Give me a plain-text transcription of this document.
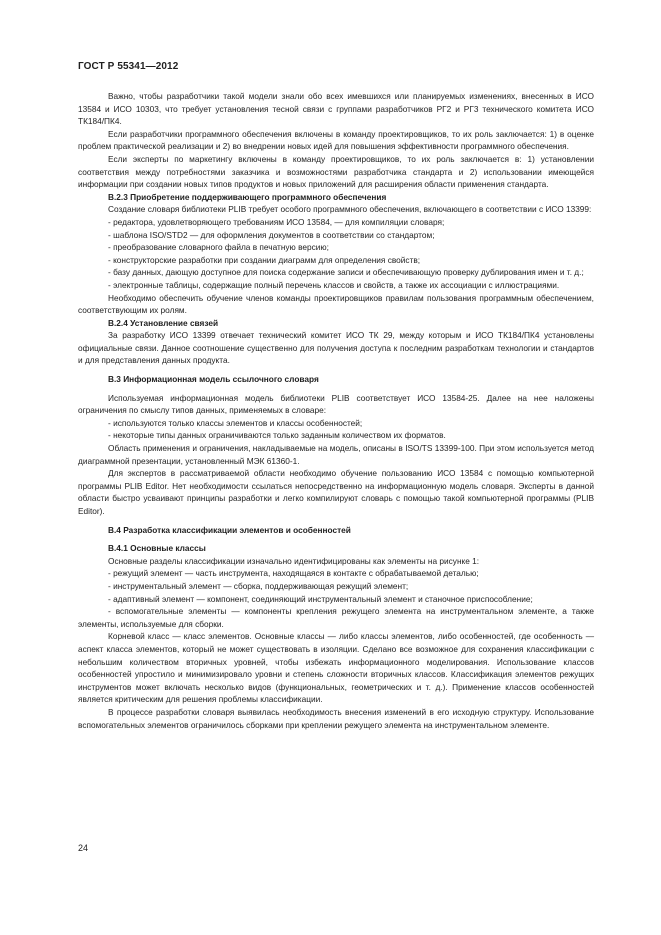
ГОСТ Р 55341—2012

Важно, чтобы разработчики такой модели знали обо всех имевшихся или планируемых изменениях, внесенных в ИСО 13584 и ИСО 10303, что требует установления тесной связи с группами разработчиков РГ2 и РГ3 технического комитета ИСО ТК184/ПК4.

Если разработчики программного обеспечения включены в команду проектировщиков, то их роль заключается: 1) в оценке проблем практической реализации и 2) во внедрении новых идей для повышения эффективности программного обеспечения.

Если эксперты по маркетингу включены в команду проектировщиков, то их роль заключается в: 1) установлении соответствия между потребностями заказчика и возможностями разработчика стандарта и 2) использовании имеющейся информации при создании новых типов продуктов и новых приложений для расширения области применения стандарта.

В.2.3 Приобретение поддерживающего программного обеспечения

Создание словаря библиотеки PLIB требует особого программного обеспечения, включающего в соответствии с ИСО 13399:

- редактора, удовлетворяющего требованиям ИСО 13584, — для компиляции словаря;

- шаблона ISO/STD2 — для оформления документов в соответствии со стандартом;

- преобразование словарного файла в печатную версию;

- конструкторские разработки при создании диаграмм для определения свойств;

- базу данных, дающую доступное для поиска содержание записи и обеспечивающую проверку дублирования имен и т. д.;

- электронные таблицы, содержащие полный перечень классов и свойств, а также их ассоциации с иллюстрациями.

Необходимо обеспечить обучение членов команды проектировщиков правилам пользования программным обеспечением, соответствующим их ролям.

В.2.4 Установление связей

За разработку ИСО 13399 отвечает технический комитет ИСО ТК 29, между которым и ИСО ТК184/ПК4 установлены официальные связи. Данное соотношение существенно для получения доступа к последним разработкам технологии и стандартов и для представления данных продукта.

В.3 Информационная модель ссылочного словаря

Используемая информационная модель библиотеки PLIB соответствует ИСО 13584-25. Далее на нее наложены ограничения по смыслу типов данных, применяемых в словаре:

- используются только классы элементов и классы особенностей;

- некоторые типы данных ограничиваются только заданным количеством их форматов.

Область применения и ограничения, накладываемые на модель, описаны в ISO/TS 13399-100. При этом используется метод диаграммной презентации, установленный МЭК 61360-1.

Для экспертов в рассматриваемой области необходимо обучение пользованию ИСО 13584 с помощью компьютерной программы PLIB Editor. Нет необходимости ссылаться непосредственно на информационную модель словаря. Эксперты в данной области быстро усваивают принципы разработки и легко компилируют словарь с помощью такой компьютерной программы (PLIB Editor).

В.4 Разработка классификации элементов и особенностей
В.4.1 Основные классы

Основные разделы классификации изначально идентифицированы как элементы на рисунке 1:

- режущий элемент — часть инструмента, находящаяся в контакте с обрабатываемой деталью;

- инструментальный элемент — сборка, поддерживающая режущий элемент;

- адаптивный элемент — компонент, соединяющий инструментальный элемент и станочное приспособление;

- вспомогательные элементы — компоненты крепления режущего элемента на инструментальном элементе, а также элементы, используемые для сборки.

Корневой класс — класс элементов. Основные классы — либо классы элементов, либо особенностей, где особенность — аспект класса элементов, который не может существовать в изоляции. Сделано все возможное для сохранения классификации с небольшим количеством вторичных уровней, чтобы избежать информационного моделирования. Использование классов особенностей упростило и минимизировало уровни и степень сложности вторичных классов. Классификация элементов режущих инструментов может включать несколько видов (функциональных, геометрических и т. д.). Применение классов особенностей является критическим для решения проблемы классификации.

В процессе разработки словаря выявилась необходимость внесения изменений в его исходную структуру. Использование вспомогательных элементов ограничилось сборками при креплении режущего элемента на инструментальном элементе.

24
